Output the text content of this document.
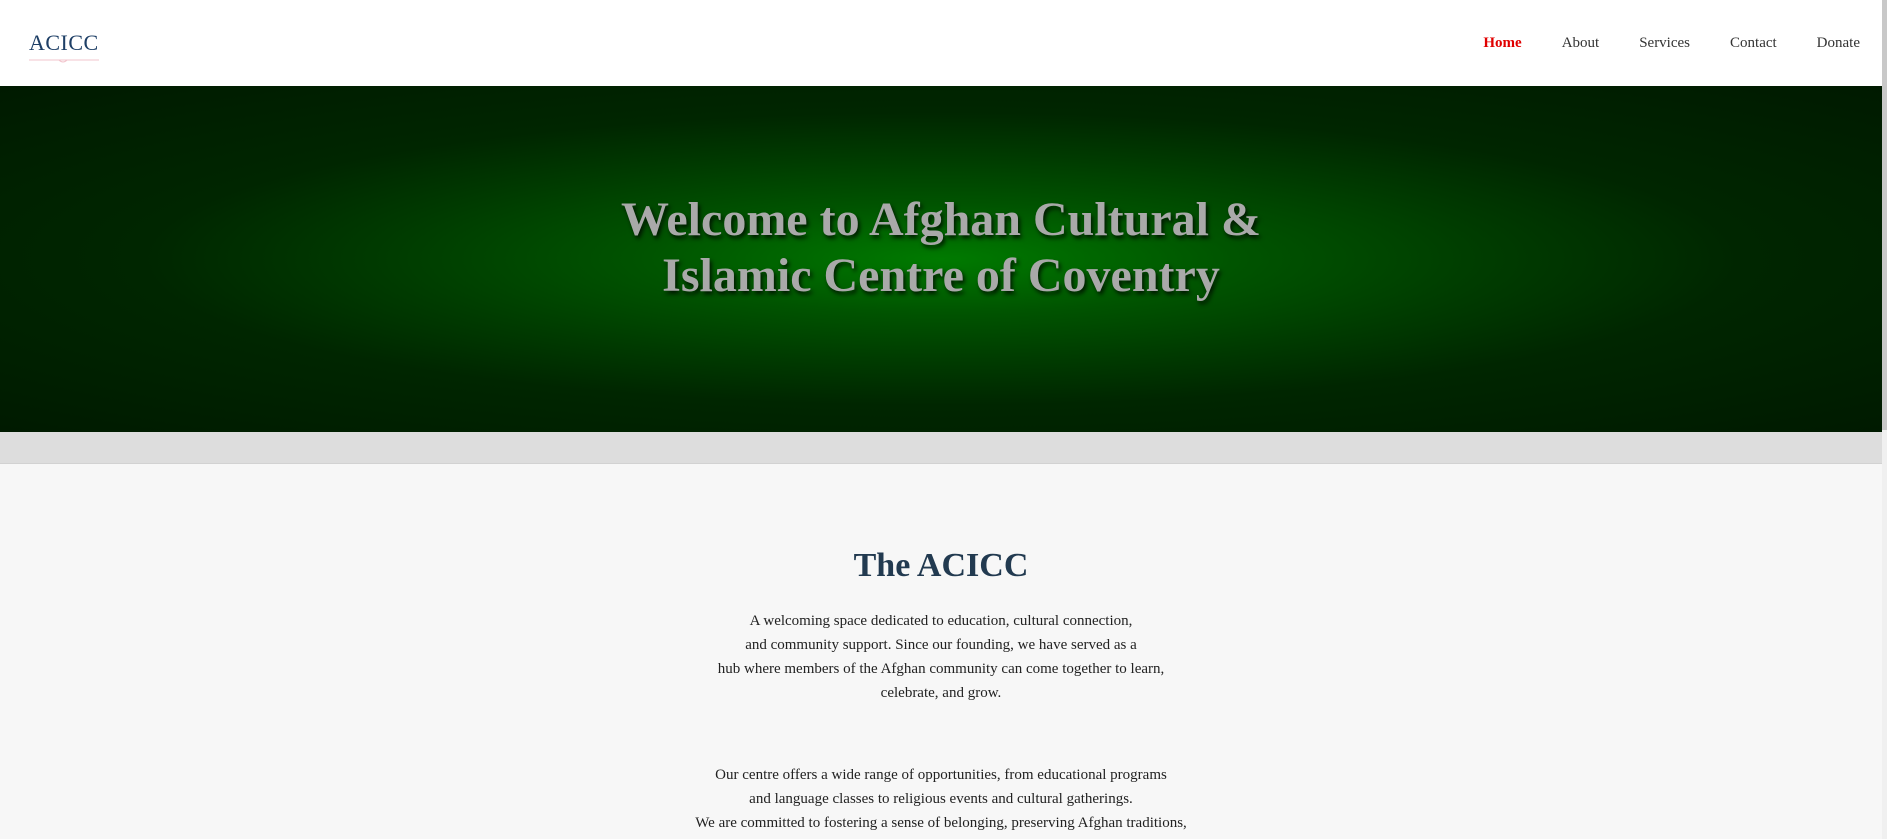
ACICC	Home	About	Services	Contact	Donate
Welcome to Afghan Cultural &
Islamic Centre of Coventry
The ACICC

A welcoming space dedicated to education, cultural connection,
and community support. Since our founding, we have served as a
hub where members of the Afghan community can come together to learn,
celebrate, and grow.

Our centre offers a wide range of opportunities, from educational programs
and language classes to religious events and cultural gatherings.
We are committed to fostering a sense of belonging, preserving Afghan traditions,
